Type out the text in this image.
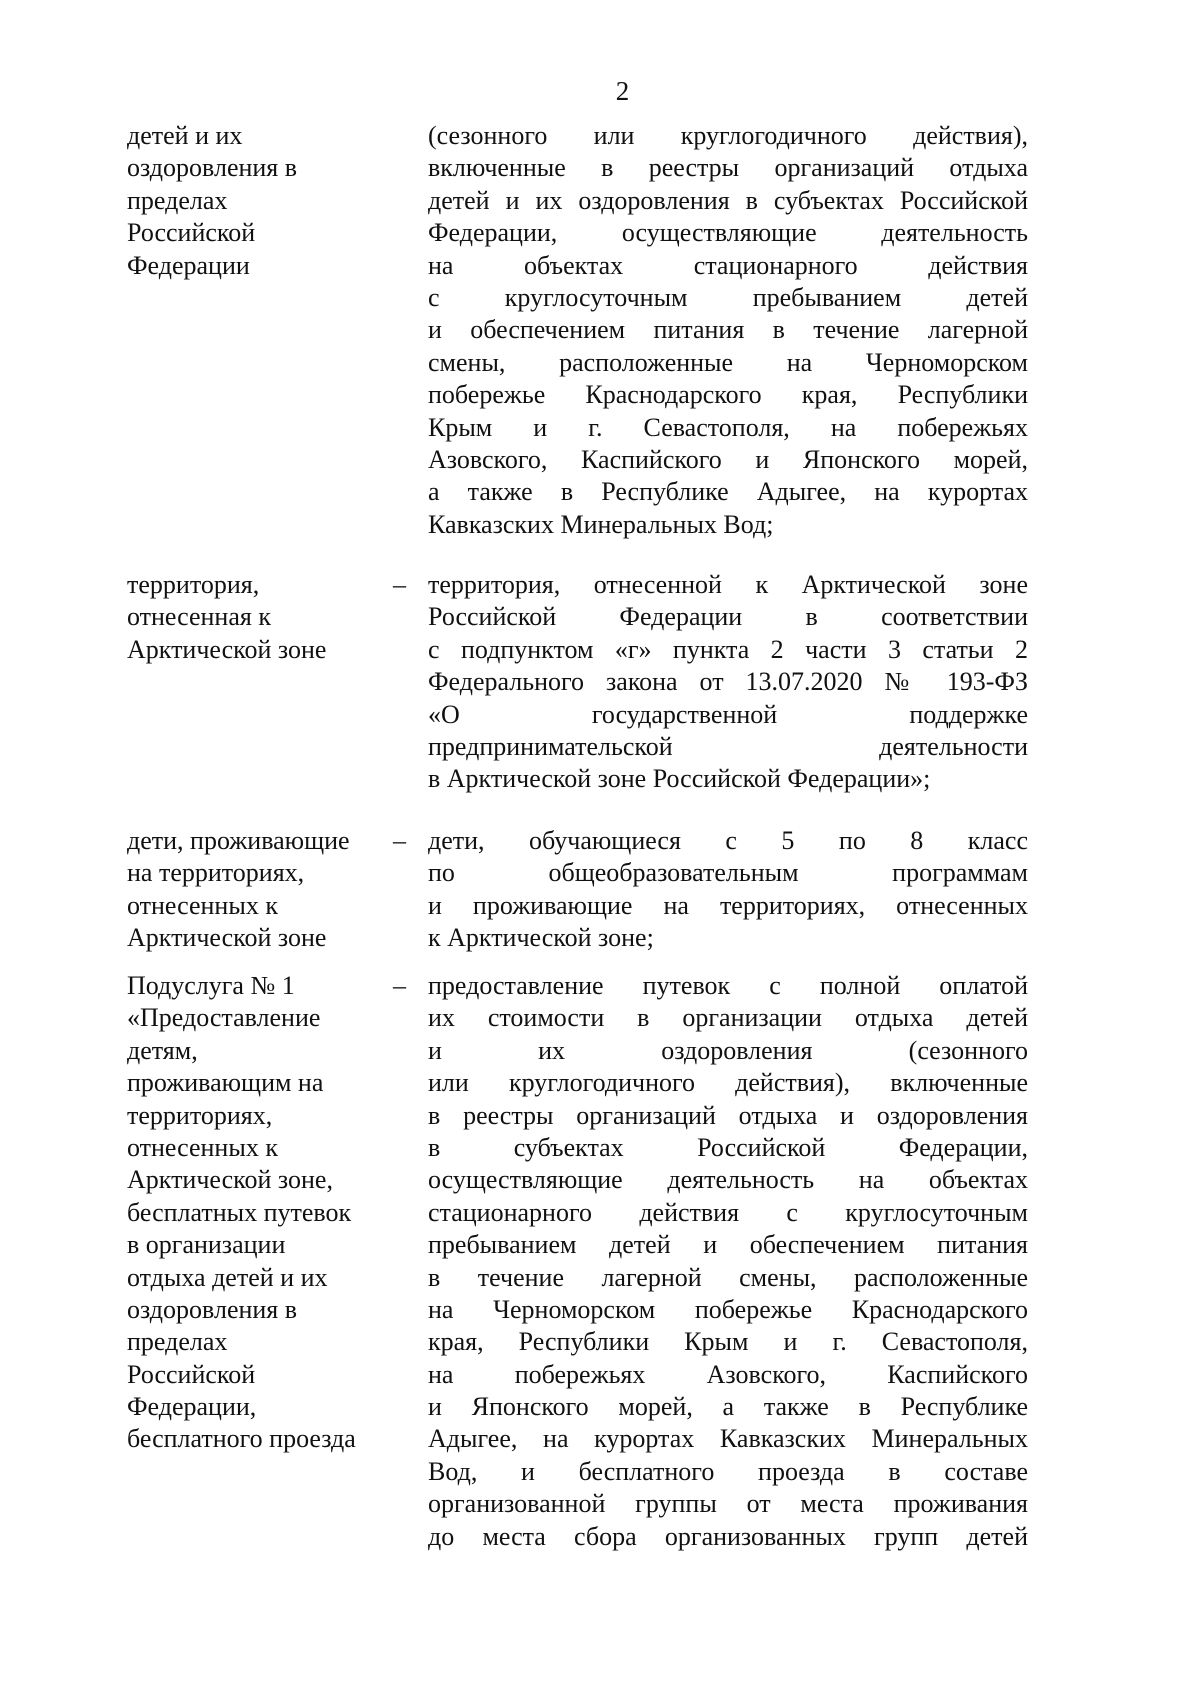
2
детей и их
оздоровления в
пределах
Российской
Федерации
(сезонного или круглогодичного действия),
включенные в реестры организаций отдыха
детей и их оздоровления в субъектах Российской
Федерации, осуществляющие деятельность
на объектах стационарного действия
с круглосуточным пребыванием детей
и обеспечением питания в течение лагерной
смены, расположенные на Черноморском
побережье Краснодарского края, Республики
Крым и г. Севастополя, на побережьях
Азовского, Каспийского и Японского морей,
а также в Республике Адыгее, на курортах
Кавказских Минеральных Вод;
территория,
отнесенная к
Арктической зоне
– территория, отнесенной к Арктической зоне
Российской Федерации в соответствии
с подпунктом «г» пункта 2 части 3 статьи 2
Федерального закона от 13.07.2020 № 193-ФЗ
«О государственной поддержке
предпринимательской деятельности
в Арктической зоне Российской Федерации»;
дети, проживающие
на территориях,
отнесенных к
Арктической зоне
– дети, обучающиеся с 5 по 8 класс
по общеобразовательным программам
и проживающие на территориях, отнесенных
к Арктической зоне;
Подуслуга № 1
«Предоставление
детям,
проживающим на
территориях,
отнесенных к
Арктической зоне,
бесплатных путевок
в организации
отдыха детей и их
оздоровления в
пределах
Российской
Федерации,
бесплатного проезда
– предоставление путевок с полной оплатой
их стоимости в организации отдыха детей
и их оздоровления (сезонного
или круглогодичного действия), включенные
в реестры организаций отдыха и оздоровления
в субъектах Российской Федерации,
осуществляющие деятельность на объектах
стационарного действия с круглосуточным
пребыванием детей и обеспечением питания
в течение лагерной смены, расположенные
на Черноморском побережье Краснодарского
края, Республики Крым и г. Севастополя,
на побережьях Азовского, Каспийского
и Японского морей, а также в Республике
Адыгее, на курортах Кавказских Минеральных
Вод, и бесплатного проезда в составе
организованной группы от места проживания
до места сбора организованных групп детей
